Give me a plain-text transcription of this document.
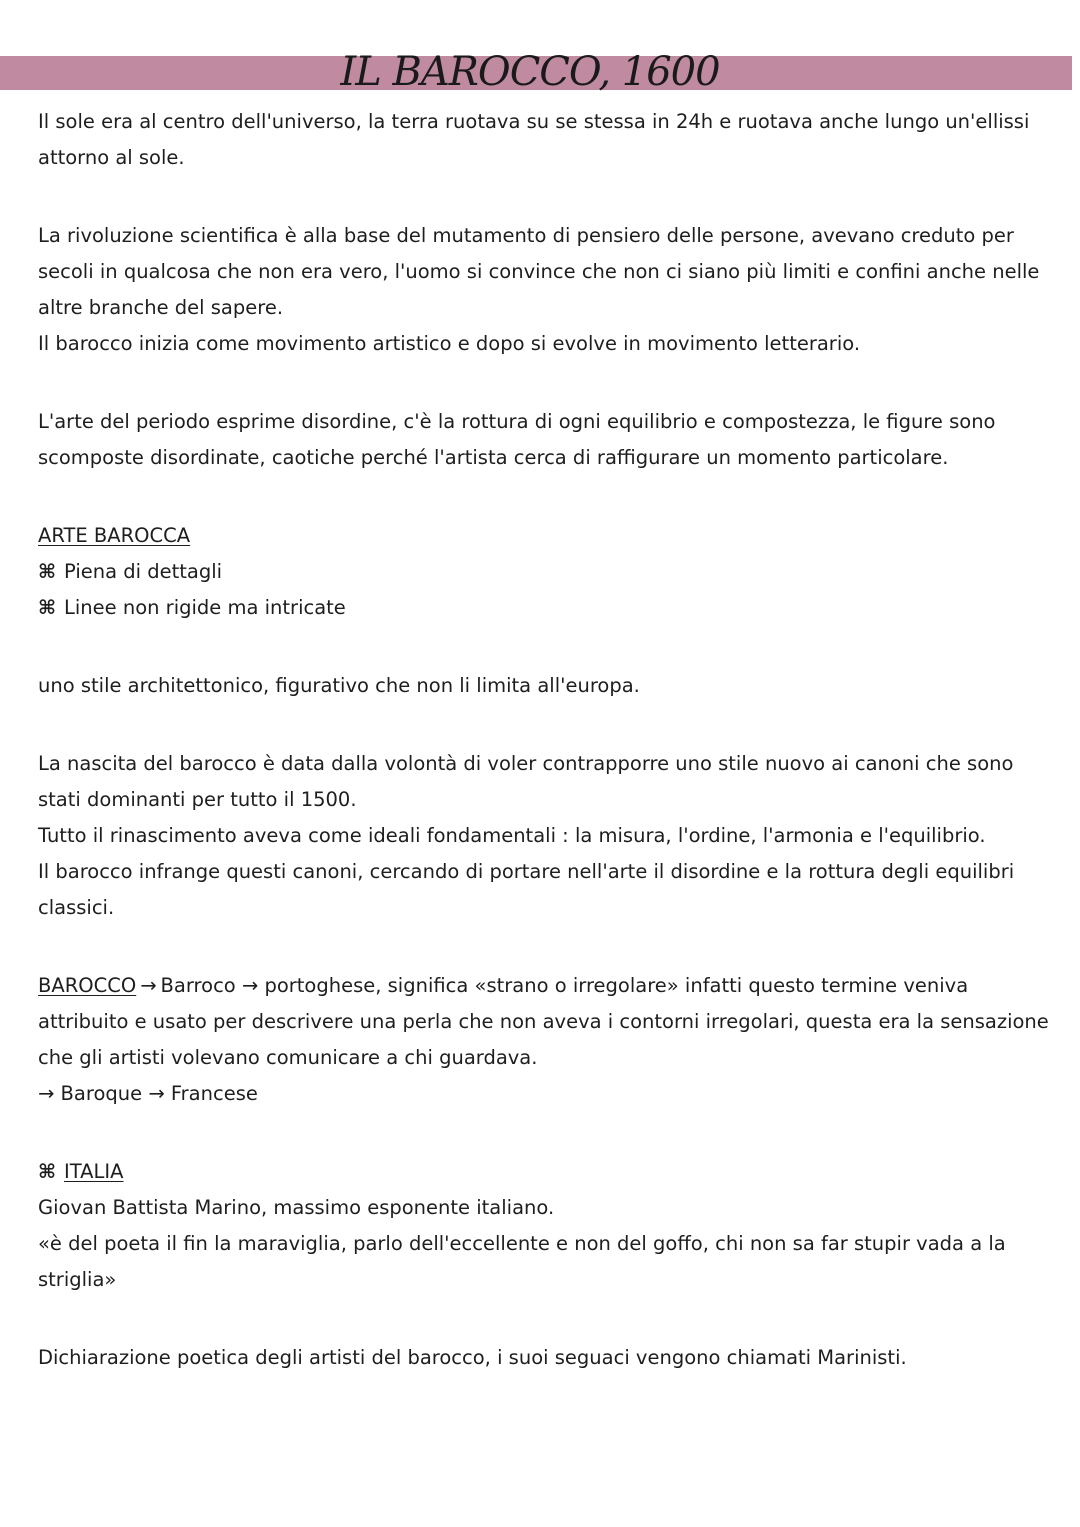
IL BAROCCO, 1600
Il sole era al centro dell'universo, la terra ruotava su se stessa in 24h e ruotava anche lungo un'ellissi attorno al sole.
La rivoluzione scientifica è alla base del mutamento di pensiero delle persone, avevano creduto per secoli in qualcosa che non era vero, l'uomo si convince che non ci siano più limiti e confini anche nelle altre branche del sapere.
Il barocco inizia come movimento artistico e dopo si evolve in movimento letterario.
L'arte del periodo esprime disordine, c'è la rottura di ogni equilibrio e compostezza, le figure sono scomposte disordinate, caotiche perché l'artista cerca di raffigurare un momento particolare.
ARTE BAROCCA
⌘ Piena di dettagli
⌘ Linee non rigide ma intricate
uno stile architettonico, figurativo che non li limita all'europa.
La nascita del barocco è data dalla volontà di voler contrapporre uno stile nuovo ai canoni che sono stati dominanti per tutto il 1500.
Tutto il rinascimento aveva come ideali fondamentali : la misura, l'ordine, l'armonia e l'equilibrio.
Il barocco infrange questi canoni, cercando di portare nell'arte il disordine e la rottura degli equilibri classici.
BAROCCO → Barroco → portoghese, significa «strano o irregolare» infatti questo termine veniva attribuito e usato per descrivere una perla che non aveva i contorni irregolari, questa era la sensazione che gli artisti volevano comunicare a chi guardava.
→ Baroque → Francese
⌘ ITALIA
Giovan Battista Marino, massimo esponente italiano.
«è del poeta il fin la maraviglia, parlo dell'eccellente e non del goffo, chi non sa far stupir vada a la striglia»
Dichiarazione poetica degli artisti del barocco, i suoi seguaci vengono chiamati Marinisti.
